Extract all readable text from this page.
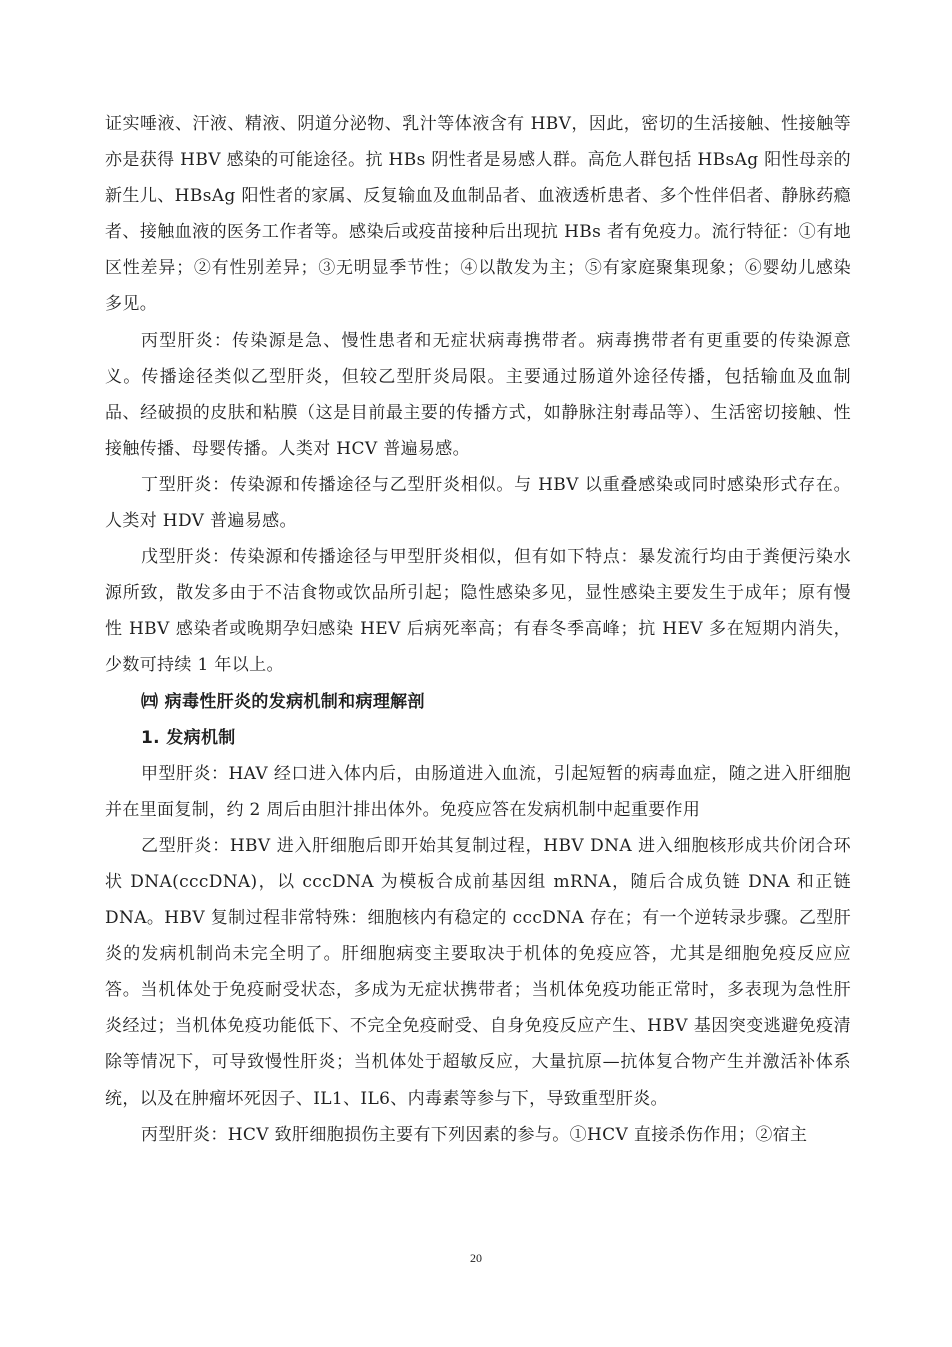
证实唾液、汗液、精液、阴道分泌物、乳汁等体液含有 HBV，因此，密切的生活接触、性接触等亦是获得 HBV 感染的可能途径。抗 HBs 阴性者是易感人群。高危人群包括 HBsAg 阳性母亲的新生儿、HBsAg 阳性者的家属、反复输血及血制品者、血液透析患者、多个性伴侣者、静脉药瘾者、接触血液的医务工作者等。感染后或疫苗接种后出现抗 HBs 者有免疫力。流行特征：①有地区性差异；②有性别差异；③无明显季节性；④以散发为主；⑤有家庭聚集现象；⑥婴幼儿感染多见。

丙型肝炎：传染源是急、慢性患者和无症状病毒携带者。病毒携带者有更重要的传染源意义。传播途径类似乙型肝炎，但较乙型肝炎局限。主要通过肠道外途径传播，包括输血及血制品、经破损的皮肤和粘膜（这是目前最主要的传播方式，如静脉注射毒品等）、生活密切接触、性接触传播、母婴传播。人类对 HCV 普遍易感。

丁型肝炎：传染源和传播途径与乙型肝炎相似。与 HBV 以重叠感染或同时感染形式存在。人类对 HDV 普遍易感。

戊型肝炎：传染源和传播途径与甲型肝炎相似，但有如下特点：暴发流行均由于粪便污染水源所致，散发多由于不洁食物或饮品所引起；隐性感染多见，显性感染主要发生于成年；原有慢性 HBV 感染者或晚期孕妇感染 HEV 后病死率高；有春冬季高峰；抗 HEV 多在短期内消失，少数可持续 1 年以上。

㈣ 病毒性肝炎的发病机制和病理解剖

1. 发病机制

甲型肝炎：HAV 经口进入体内后，由肠道进入血流，引起短暂的病毒血症，随之进入肝细胞并在里面复制，约 2 周后由胆汁排出体外。免疫应答在发病机制中起重要作用

乙型肝炎：HBV 进入肝细胞后即开始其复制过程，HBV DNA 进入细胞核形成共价闭合环状 DNA(cccDNA)，以 cccDNA 为模板合成前基因组 mRNA，随后合成负链 DNA 和正链 DNA。HBV 复制过程非常特殊：细胞核内有稳定的 cccDNA 存在；有一个逆转录步骤。乙型肝炎的发病机制尚未完全明了。肝细胞病变主要取决于机体的免疫应答，尤其是细胞免疫反应应答。当机体处于免疫耐受状态，多成为无症状携带者；当机体免疫功能正常时，多表现为急性肝炎经过；当机体免疫功能低下、不完全免疫耐受、自身免疫反应产生、HBV 基因突变逃避免疫清除等情况下，可导致慢性肝炎；当机体处于超敏反应，大量抗原—抗体复合物产生并激活补体系统，以及在肿瘤坏死因子、IL1、IL6、内毒素等参与下，导致重型肝炎。

丙型肝炎：HCV 致肝细胞损伤主要有下列因素的参与。①HCV 直接杀伤作用；②宿主

20
